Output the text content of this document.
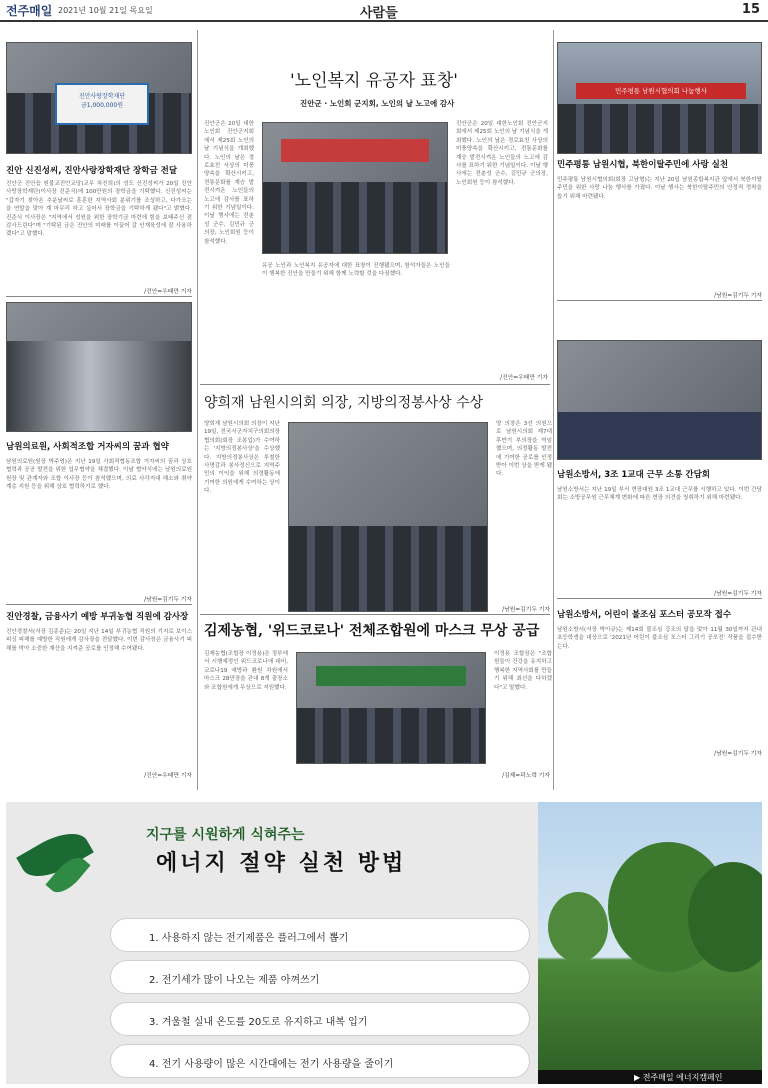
전주매일 2021년 10월 21일 목요일	사람들	15
진안사랑장학재단
금1,000,000원
진안 신진성씨, 진안사랑장학재단 장학금 전달
진안군 진안읍 원불교진안교당(교무 차진희)의 성도 신진성씨가 20일 진안사랑장학재단(이사장 진준식)에 100만원의 장학금을 기탁했다. 신진성씨는 "갑자기 찾아온 추운날씨로 훈훈한 지역사회 분위기를 조성하고, 다가오는 을 연말을 맞아 계 마무리 하고 싶어서 장학금을 기탁하게 됐다"고 밝혔다. 진준식 이사장은 "지역에서 성원을 위한 장학기금 마련에 힘을 보태주신 점 감사드린다"며 "기탁된 금은 진안의 미래를 이끌어 갈 인재육성에 잘 사용하겠다"고 말했다.
/진안=우태만 기자
남원의료원, 사회적조합 거자씨의 꿈과 협약
남원의료원(원장 박주영)은 지난 19일 사회적협동조합 거자씨의 꿈과 상호협력과 공공 발전을 위한 업무협약을 체결했다. 이날 협약식에는 남원의료원 원장 및 관계자와 조합 이사장 등이 참석했으며, 의료 사각지대 해소와 취약계층 지원 등을 위해 상호 협력하기로 했다.
/남원=김기두 기자
진안경찰, 금융사기 예방 부귀농협 직원에 감사장
진안경찰서(서장 김종준)는 20일 지난 14일 부귀농협 직원의 기지로 보이스피싱 피해를 예방한 직원에게 감사장을 전달했다. 이번 감사장은 금융사기 피해를 막아 소중한 재산을 지켜준 공로를 인정해 수여됐다.
/진안=우태만 기자
'노인복지 유공자 표창'
진안군 · 노인회 군지회, 노인의 날 노고에 감사
진안군은 20일 대한노인회 진안군지회에서 제25회 노인의 날 기념식을 개최했다. 노인의 날은 경로효친 사상의 미풍양속을 확산시키고, 전통문화를 계승 발전시켜온 노인들의 노고에 감사를 표하기 위한 기념일이다. 이날 행사에는 전춘성 군수, 김민규 군의장, 노인회원 등이 참석했다.
유공 노인과 노인복지 유공자에 대한 표창이 진행됐으며, 참석자들은 노인들이 행복한 진안을 만들기 위해 함께 노력할 것을 다짐했다.
진안군은 20일 대한노인회 진안군지회에서 제25회 노인의 날 기념식을 개최했다. 노인의 날은 경로효친 사상의 미풍양속을 확산시키고, 전통문화를 계승 발전시켜온 노인들의 노고에 감사를 표하기 위한 기념일이다. 이날 행사에는 전춘성 군수, 김민규 군의장, 노인회원 등이 참석했다.
/진안=우태만 기자
양희재 남원시의회 의장, 지방의정봉사상 수상
양희재 남원시의회 의장이 지난 19일, 전국시군자치구의회의장협의회(회장 조봉업)가 수여하는 '지방의정봉사상'을 수상했다. 지방의정봉사상은 투철한 사명감과 봉사정신으로 지역주민의 이익을 위해 의정활동에 기여한 의원에게 수여하는 상이다.
양 의장은 3선 의원으로 남원시의회 제7대 후반기 부의장을 역임했으며, 의정활동 발전에 기여한 공로를 인정받아 이번 상을 받게 됐다.
/남원=김기두 기자
김제농협, '위드코로나' 전체조합원에 마스크 무상 공급
김제농협(조합장 이정용)은 정부에서 시행예정인 위드코로나에 대비, 코로나19 예방과 환원 차원에서 마스크 28만장을 관내 8개 출장소와 조합원에게 무상으로 지원했다.
이정용 조합장은 "조합원들이 건강을 유지하고 행복한 지역사회를 만들기 위해 최선을 다하겠다"고 말했다.
/김제=곽노력 기자
민주평통 남원시협의회 나눔행사
민주평통 남원시협, 북한이탈주민에 사랑 실천
민주평통 남원시협의회(회장 고남형)는 지난 20일 남원종합복지관 앞에서 북한이탈주민을 위한 사랑 나눔 행사를 가졌다. 이날 행사는 북한이탈주민의 안정적 정착을 돕기 위해 마련됐다.
/남원=김기두 기자
남원소방서, 3조 1교대 근무 소통 간담회
남원소방서는 지난 19일 부서 현장대원 3조 1교대 근무를 시행하고 있다. 이번 간담회는 소방공무원 근무체계 변화에 따른 현장 의견을 청취하기 위해 마련됐다.
/남원=김기두 기자
남원소방서, 어린이 불조심 포스터 공모작 접수
남원소방서(서장 박이규)는 제14회 불조심 강조의 달을 맞아 11월 30일까지 관내 초등학생을 대상으로 '2021년 어린이 불조심 포스터 그리기 공모전' 작품을 접수받는다.
/남원=김기두 기자
지구를 시원하게 식혀주는
에너지 절약 실천 방법
1. 사용하지 않는 전기제품은 플러그에서 뽑기
2. 전기세가 많이 나오는 제품 아껴쓰기
3. 겨울철 실내 온도를 20도로 유지하고 내복 입기
4. 전기 사용량이 많은 시간대에는 전기 사용량을 줄이기
▶ 전주매일 에너지캠페인
